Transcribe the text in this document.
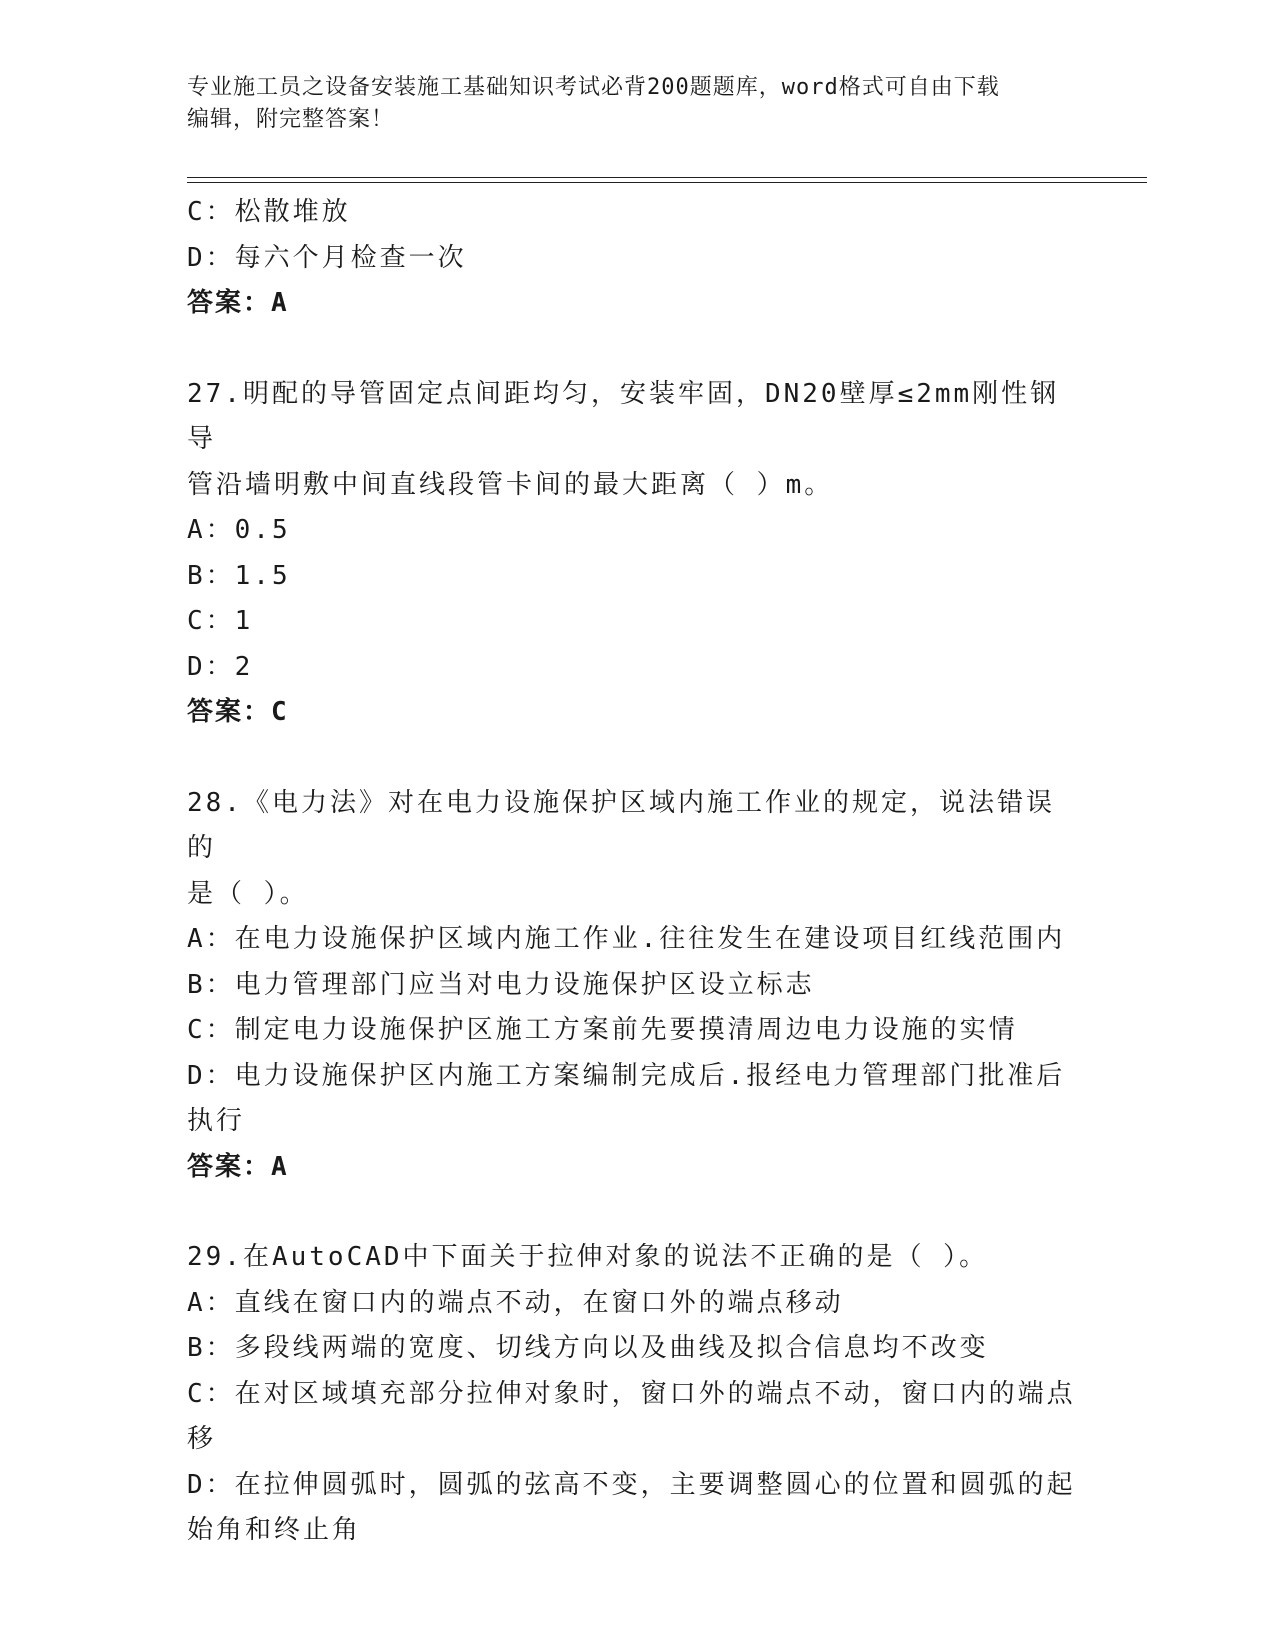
专业施工员之设备安装施工基础知识考试必背200题题库，word格式可自由下载
编辑，附完整答案！
C：松散堆放
D：每六个月检查一次
答案：A
27.明配的导管固定点间距均匀，安装牢固，DN20壁厚≤2mm刚性钢导
管沿墙明敷中间直线段管卡间的最大距离（ ）m。
A：0.5
B：1.5
C：1
D：2
答案：C
28.《电力法》对在电力设施保护区域内施工作业的规定，说法错误的
是（ ）。
A：在电力设施保护区域内施工作业.往往发生在建设项目红线范围内
B：电力管理部门应当对电力设施保护区设立标志
C：制定电力设施保护区施工方案前先要摸清周边电力设施的实情
D：电力设施保护区内施工方案编制完成后.报经电力管理部门批准后
执行
答案：A
29.在AutoCAD中下面关于拉伸对象的说法不正确的是（ ）。
A：直线在窗口内的端点不动，在窗口外的端点移动
B：多段线两端的宽度、切线方向以及曲线及拟合信息均不改变
C：在对区域填充部分拉伸对象时，窗口外的端点不动，窗口内的端点
移
D：在拉伸圆弧时，圆弧的弦高不变，主要调整圆心的位置和圆弧的起
始角和终止角
